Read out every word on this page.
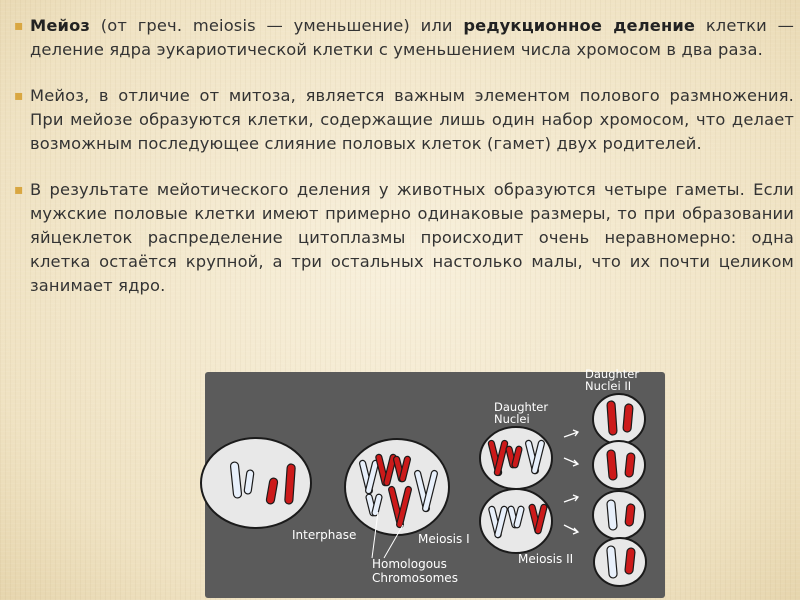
▪ Мейоз (от греч. meiosis — уменьшение) или редукционное деление клетки — деление ядра эукариотической клетки с уменьшением числа хромосом в два раза.
▪ Мейоз, в отличие от митоза, является важным элементом полового размножения. При мейозе образуются клетки, содержащие лишь один набор хромосом, что делает возможным последующее слияние половых клеток (гамет) двух родителей.
▪ В результате мейотического деления у животных образуются четыре гаметы. Если мужские половые клетки имеют примерно одинаковые размеры, то при образовании яйцеклеток распределение цитоплазмы происходит очень неравномерно: одна клетка остаётся крупной, а три остальных настолько малы, что их почти целиком занимает ядро.
Interphase	Meiosis I
Meiosis II
Homologous
Chromosomes
Daughter
Nuclei
Daughter
Nuclei II
